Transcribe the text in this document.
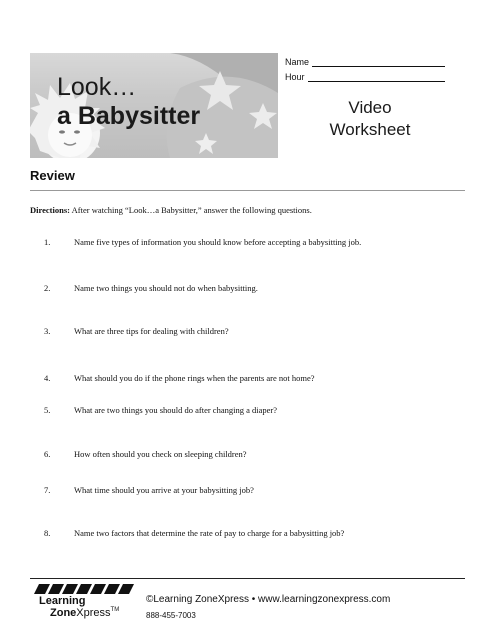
Look…
a Babysitter
Name
Hour
Video
Worksheet
Review
Directions: After watching “Look…a Babysitter,” answer the following questions.
1.	Name five types of information you should know before accepting a babysitting job.
2.	Name two things you should not do when babysitting.
3.	What are three tips for dealing with children?
4.	What should you do if the phone rings when the parents are not home?
5.	What are two things you should do after changing a diaper?
6.	How often should you check on sleeping children?
7.	What time should you arrive at your babysitting job?
8.	Name two factors that determine the rate of pay to charge for a babysitting job?
Learning
ZoneXpress™
©Learning ZoneXpress • www.learningzonexpress.com
888-455-7003
